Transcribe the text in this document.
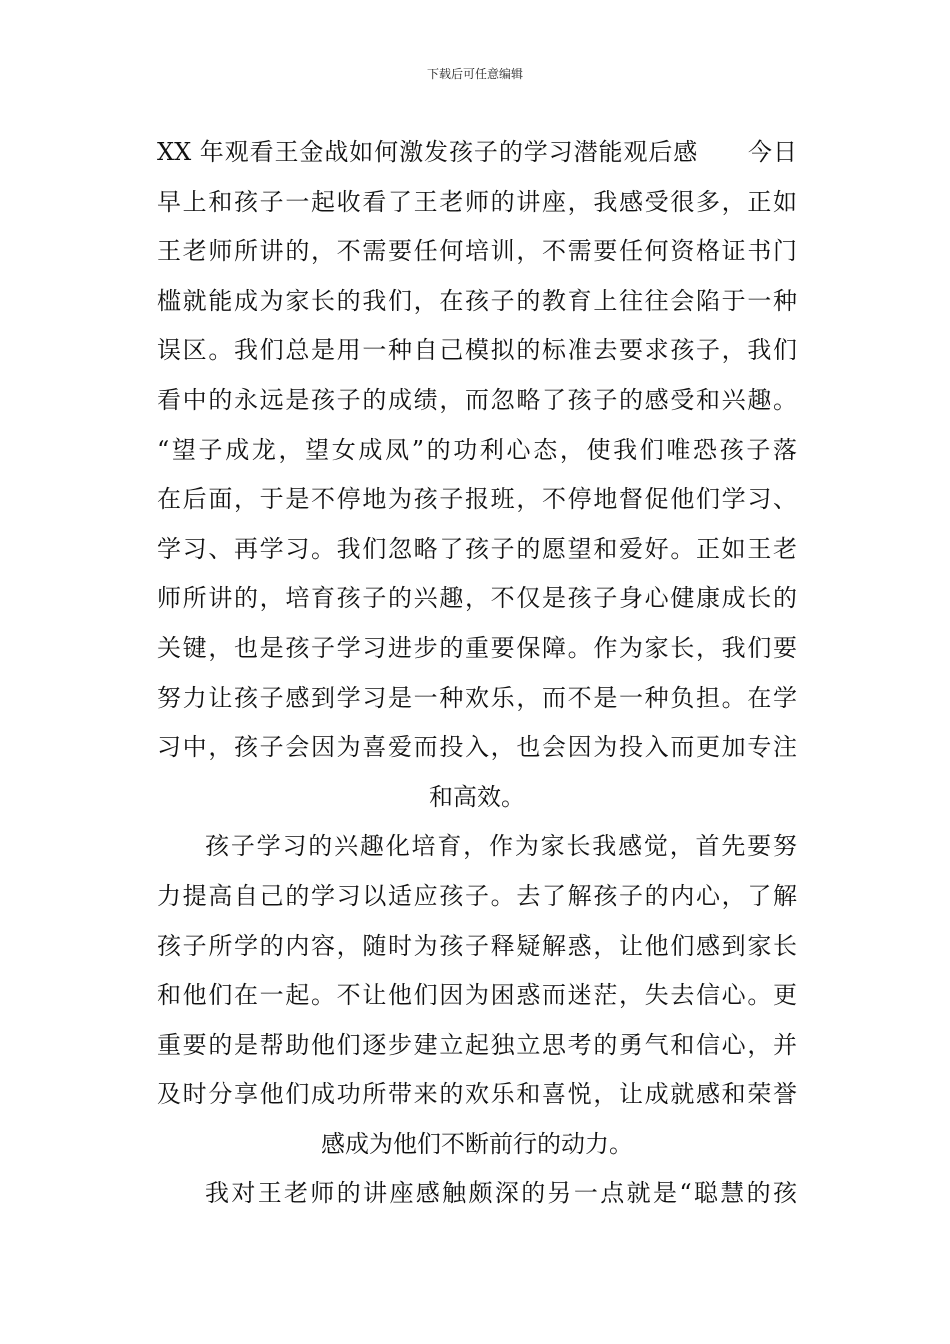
下载后可任意编辑
XX 年观看王金战如何激发孩子的学习潜能观后感　　今日
早上和孩子一起收看了王老师的讲座，我感受很多，正如
王老师所讲的，不需要任何培训，不需要任何资格证书门
槛就能成为家长的我们，在孩子的教育上往往会陷于一种
误区。我们总是用一种自己模拟的标准去要求孩子，我们
看中的永远是孩子的成绩，而忽略了孩子的感受和兴趣。
“望子成龙，望女成凤”的功利心态，使我们唯恐孩子落
在后面，于是不停地为孩子报班，不停地督促他们学习、
学习、再学习。我们忽略了孩子的愿望和爱好。正如王老
师所讲的，培育孩子的兴趣，不仅是孩子身心健康成长的
关键，也是孩子学习进步的重要保障。作为家长，我们要
努力让孩子感到学习是一种欢乐，而不是一种负担。在学
习中，孩子会因为喜爱而投入，也会因为投入而更加专注
和高效。
孩子学习的兴趣化培育，作为家长我感觉，首先要努
力提高自己的学习以适应孩子。去了解孩子的内心，了解
孩子所学的内容，随时为孩子释疑解惑，让他们感到家长
和他们在一起。不让他们因为困惑而迷茫，失去信心。更
重要的是帮助他们逐步建立起独立思考的勇气和信心，并
及时分享他们成功所带来的欢乐和喜悦，让成就感和荣誉
感成为他们不断前行的动力。
我对王老师的讲座感触颇深的另一点就是“聪慧的孩
